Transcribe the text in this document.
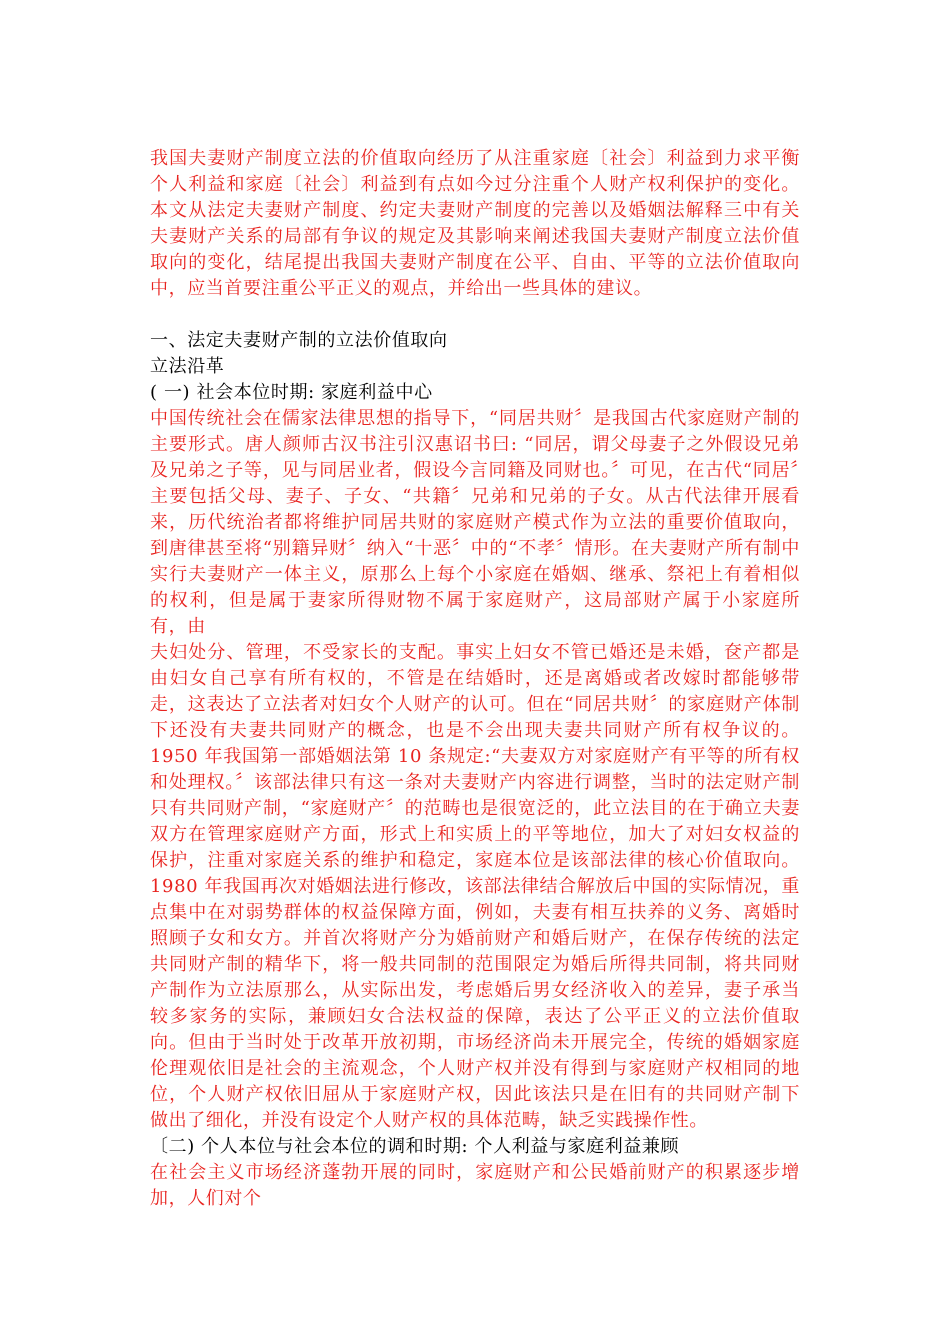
我国夫妻财产制度立法的价值取向经历了从注重家庭〔社会〕利益到力求平衡个人利益和家庭〔社会〕利益到有点如今过分注重个人财产权利保护的变化。本文从法定夫妻财产制度、约定夫妻财产制度的完善以及婚姻法解释三中有关夫妻财产关系的局部有争议的规定及其影响来阐述我国夫妻财产制度立法价值取向的变化，结尾提出我国夫妻财产制度在公平、自由、平等的立法价值取向中，应当首要注重公平正义的观点，并给出一些具体的建议。

一、法定夫妻财产制的立法价值取向

立法沿革

( 一) 社会本位时期: 家庭利益中心

中国传统社会在儒家法律思想的指导下，“同居共财〞是我国古代家庭财产制的主要形式。唐人颜师古汉书注引汉惠诏书曰: “同居，谓父母妻子之外假设兄弟及兄弟之子等，见与同居业者，假设今言同籍及同财也。〞可见，在古代“同居〞主要包括父母、妻子、子女、“共籍〞兄弟和兄弟的子女。从古代法律开展看来，历代统治者都将维护同居共财的家庭财产模式作为立法的重要价值取向，到唐律甚至将“别籍异财〞纳入“十恶〞中的“不孝〞情形。在夫妻财产所有制中实行夫妻财产一体主义，原那么上每个小家庭在婚姻、继承、祭祀上有着相似的权利，但是属于妻家所得财物不属于家庭财产，这局部财产属于小家庭所有，由

夫妇处分、管理，不受家长的支配。事实上妇女不管已婚还是未婚，奁产都是由妇女自己享有所有权的，不管是在结婚时，还是离婚或者改嫁时都能够带走，这表达了立法者对妇女个人财产的认可。但在“同居共财〞的家庭财产体制下还没有夫妻共同财产的概念，也是不会出现夫妻共同财产所有权争议的。1950 年我国第一部婚姻法第 10 条规定:“夫妻双方对家庭财产有平等的所有权和处理权。〞该部法律只有这一条对夫妻财产内容进行调整，当时的法定财产制只有共同财产制，“家庭财产〞的范畴也是很宽泛的，此立法目的在于确立夫妻双方在管理家庭财产方面，形式上和实质上的平等地位，加大了对妇女权益的保护，注重对家庭关系的维护和稳定，家庭本位是该部法律的核心价值取向。1980 年我国再次对婚姻法进行修改，该部法律结合解放后中国的实际情况，重点集中在对弱势群体的权益保障方面，例如，夫妻有相互扶养的义务、离婚时照顾子女和女方。并首次将财产分为婚前财产和婚后财产，在保存传统的法定共同财产制的精华下，将一般共同制的范围限定为婚后所得共同制，将共同财产制作为立法原那么，从实际出发，考虑婚后男女经济收入的差异，妻子承当较多家务的实际，兼顾妇女合法权益的保障，表达了公平正义的立法价值取向。但由于当时处于改革开放初期，市场经济尚未开展完全，传统的婚姻家庭伦理观依旧是社会的主流观念，个人财产权并没有得到与家庭财产权相同的地位，个人财产权依旧屈从于家庭财产权，因此该法只是在旧有的共同财产制下做出了细化，并没有设定个人财产权的具体范畴，缺乏实践操作性。

〔二) 个人本位与社会本位的调和时期: 个人利益与家庭利益兼顾

在社会主义市场经济蓬勃开展的同时，家庭财产和公民婚前财产的积累逐步增加，人们对个
